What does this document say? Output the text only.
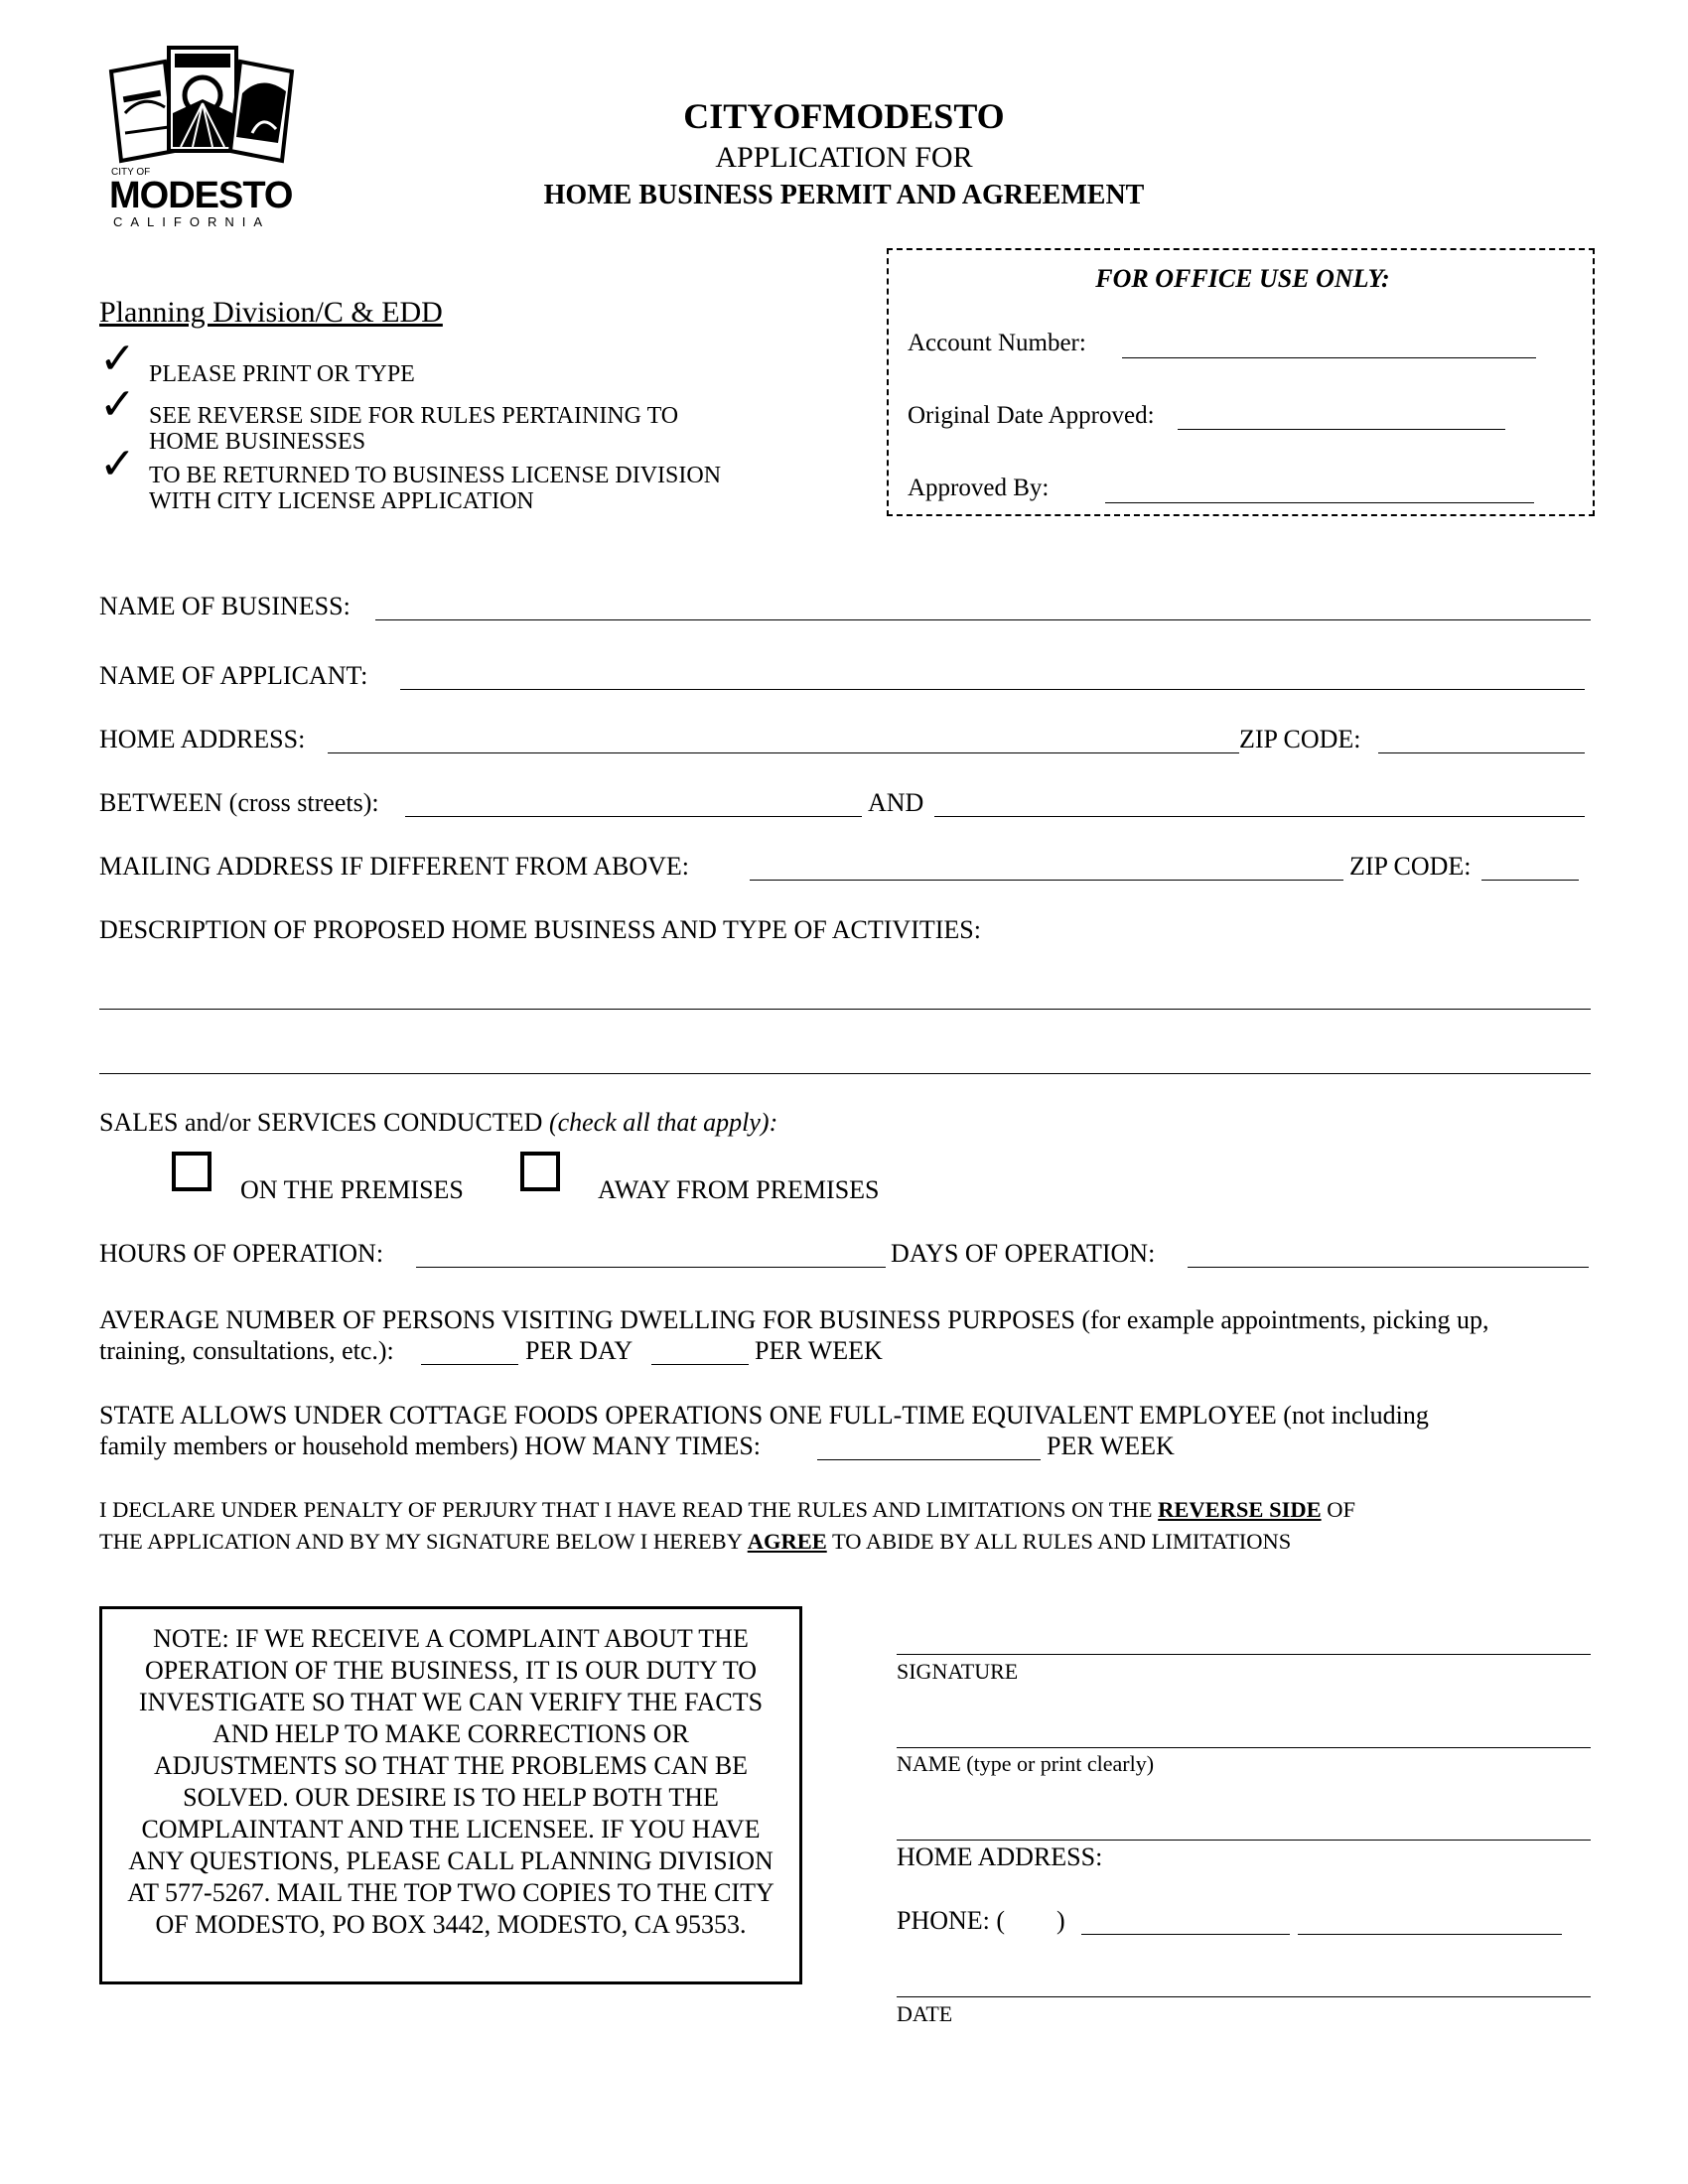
CITY OF
MODESTO
CALIFORNIA
CITYOFMODESTO
APPLICATION FOR
HOME BUSINESS PERMIT AND AGREEMENT
Planning Division/C & EDD
✓ PLEASE PRINT OR TYPE
✓ SEE REVERSE SIDE FOR RULES PERTAINING TO
HOME BUSINESSES
✓ TO BE RETURNED TO BUSINESS LICENSE DIVISION
WITH CITY LICENSE APPLICATION
FOR OFFICE USE ONLY:
Account Number:
Original Date Approved:
Approved By:
NAME OF BUSINESS:
NAME OF APPLICANT:
HOME ADDRESS:	ZIP CODE:
BETWEEN (cross streets):	AND
MAILING ADDRESS IF DIFFERENT FROM ABOVE:	ZIP CODE:
DESCRIPTION OF PROPOSED HOME BUSINESS AND TYPE OF ACTIVITIES:
SALES and/or SERVICES CONDUCTED (check all that apply):
ON THE PREMISES	AWAY FROM PREMISES
HOURS OF OPERATION:	DAYS OF OPERATION:
AVERAGE NUMBER OF PERSONS VISITING DWELLING FOR BUSINESS PURPOSES (for example appointments, picking up,
training, consultations, etc.):	PER DAY	PER WEEK
STATE ALLOWS UNDER COTTAGE FOODS OPERATIONS ONE FULL-TIME EQUIVALENT EMPLOYEE (not including
family members or household members) HOW MANY TIMES:	PER WEEK
I DECLARE UNDER PENALTY OF PERJURY THAT I HAVE READ THE RULES AND LIMITATIONS ON THE REVERSE SIDE OF
THE APPLICATION AND BY MY SIGNATURE BELOW I HEREBY AGREE TO ABIDE BY ALL RULES AND LIMITATIONS
NOTE: IF WE RECEIVE A COMPLAINT ABOUT THE OPERATION OF THE BUSINESS, IT IS OUR DUTY TO INVESTIGATE SO THAT WE CAN VERIFY THE FACTS AND HELP TO MAKE CORRECTIONS OR ADJUSTMENTS SO THAT THE PROBLEMS CAN BE SOLVED. OUR DESIRE IS TO HELP BOTH THE COMPLAINTANT AND THE LICENSEE. IF YOU HAVE ANY QUESTIONS, PLEASE CALL PLANNING DIVISION AT 577-5267. MAIL THE TOP TWO COPIES TO THE CITY OF MODESTO, PO BOX 3442, MODESTO, CA 95353.
SIGNATURE
NAME (type or print clearly)
HOME ADDRESS:
PHONE: (        )
DATE
